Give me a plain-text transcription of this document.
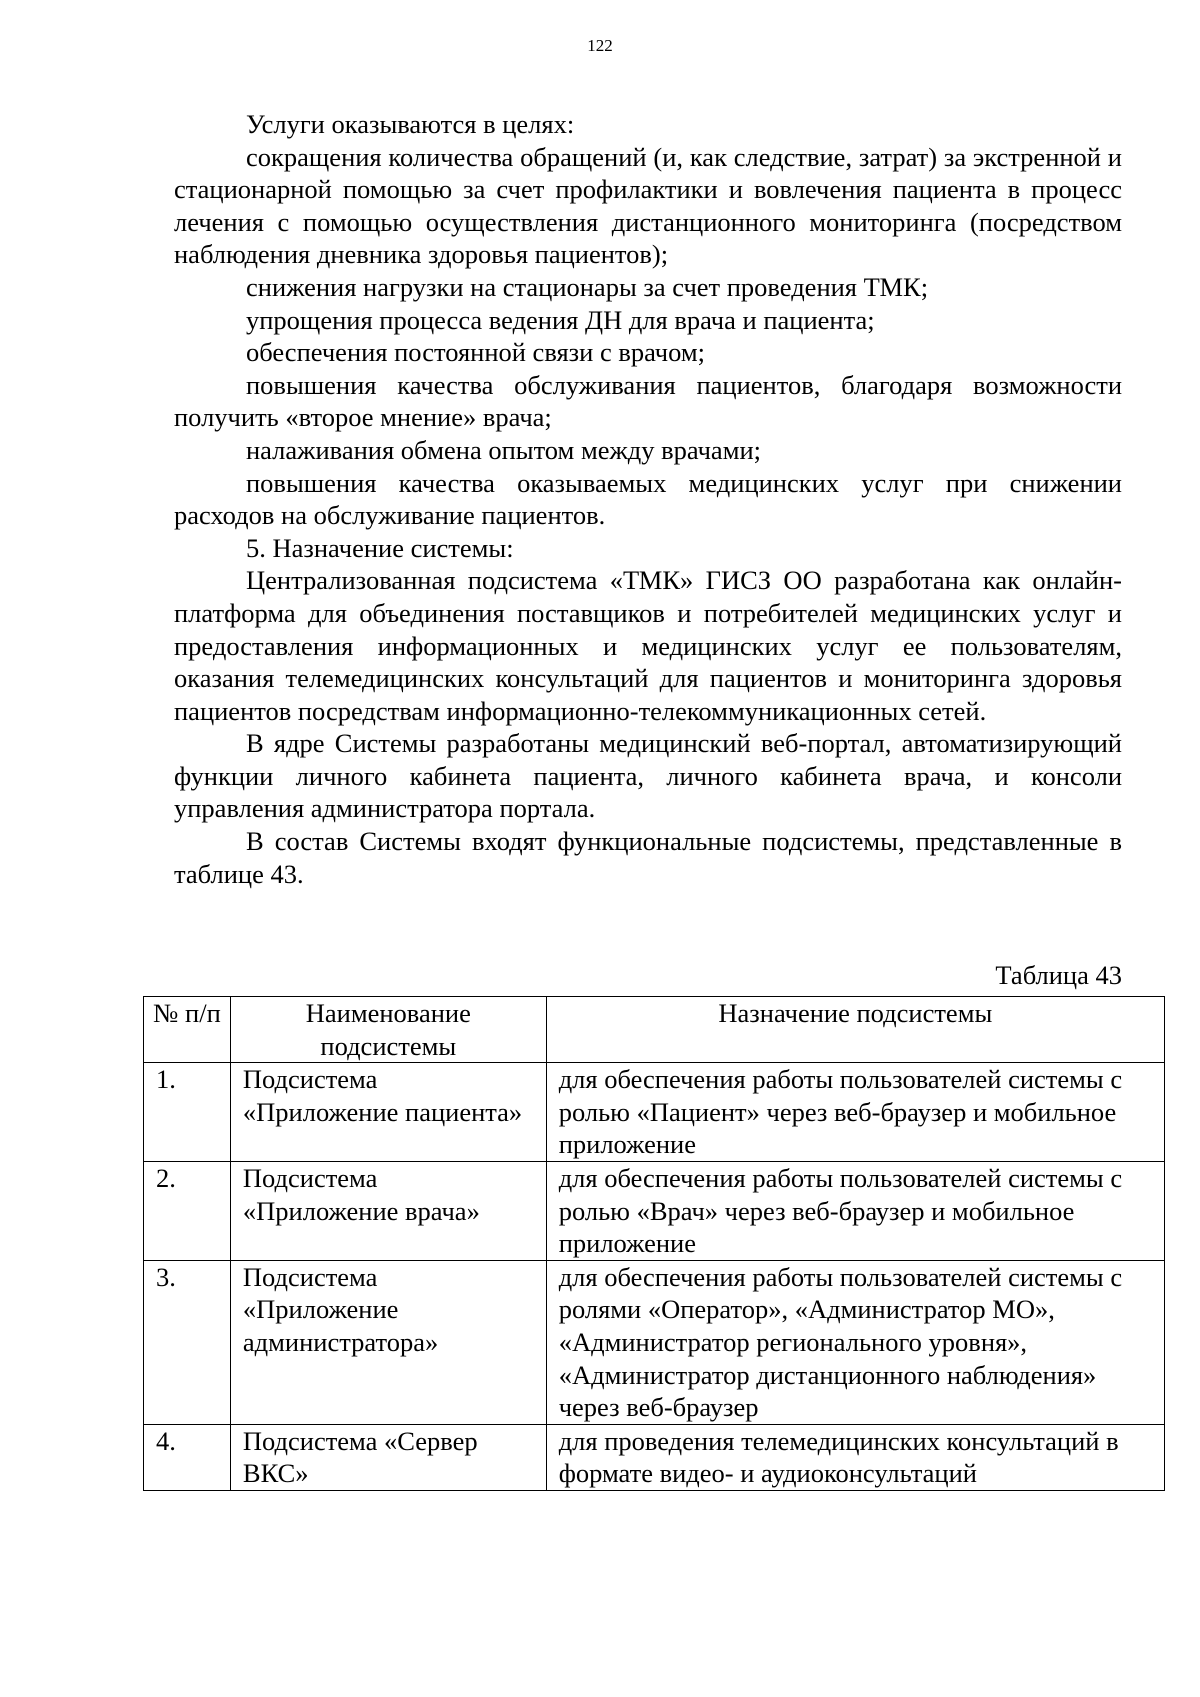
122

Услуги оказываются в целях:

сокращения количества обращений (и, как следствие, затрат) за экстренной и стационарной помощью за счет профилактики и вовлечения пациента в процесс лечения с помощью осуществления дистанционного мониторинга (посредством наблюдения дневника здоровья пациентов);

снижения нагрузки на стационары за счет проведения ТМК;

упрощения процесса ведения ДН для врача и пациента;

обеспечения постоянной связи с врачом;

повышения качества обслуживания пациентов, благодаря возможности получить «второе мнение» врача;

налаживания обмена опытом между врачами;

повышения качества оказываемых медицинских услуг при снижении расходов на обслуживание пациентов.

5. Назначение системы:

Централизованная подсистема «ТМК» ГИСЗ ОО разработана как онлайн-платформа для объединения поставщиков и потребителей медицинских услуг и предоставления информационных и медицинских услуг ее пользователям, оказания телемедицинских консультаций для пациентов и мониторинга здоровья пациентов посредствам информационно-телекоммуникационных сетей.

В ядре Системы разработаны медицинский веб-портал, автоматизирующий функции личного кабинета пациента, личного кабинета врача, и консоли управления администратора портала.

В состав Системы входят функциональные подсистемы, представленные в таблице 43.

Таблица 43
№ п/п	Наименование подсистемы	Назначение подсистемы
1.	Подсистема «Приложение пациента»	для обеспечения работы пользователей системы с ролью «Пациент» через веб-браузер и мобильное приложение
2.	Подсистема «Приложение врача»	для обеспечения работы пользователей системы с ролью «Врач» через веб-браузер и мобильное приложение
3.	Подсистема «Приложение администратора»	для обеспечения работы пользователей системы с ролями «Оператор», «Администратор МО», «Администратор регионального уровня», «Администратор дистанционного наблюдения» через веб-браузер
4.	Подсистема «Сервер ВКС»	для проведения телемедицинских консультаций в формате видео- и аудиоконсультаций
